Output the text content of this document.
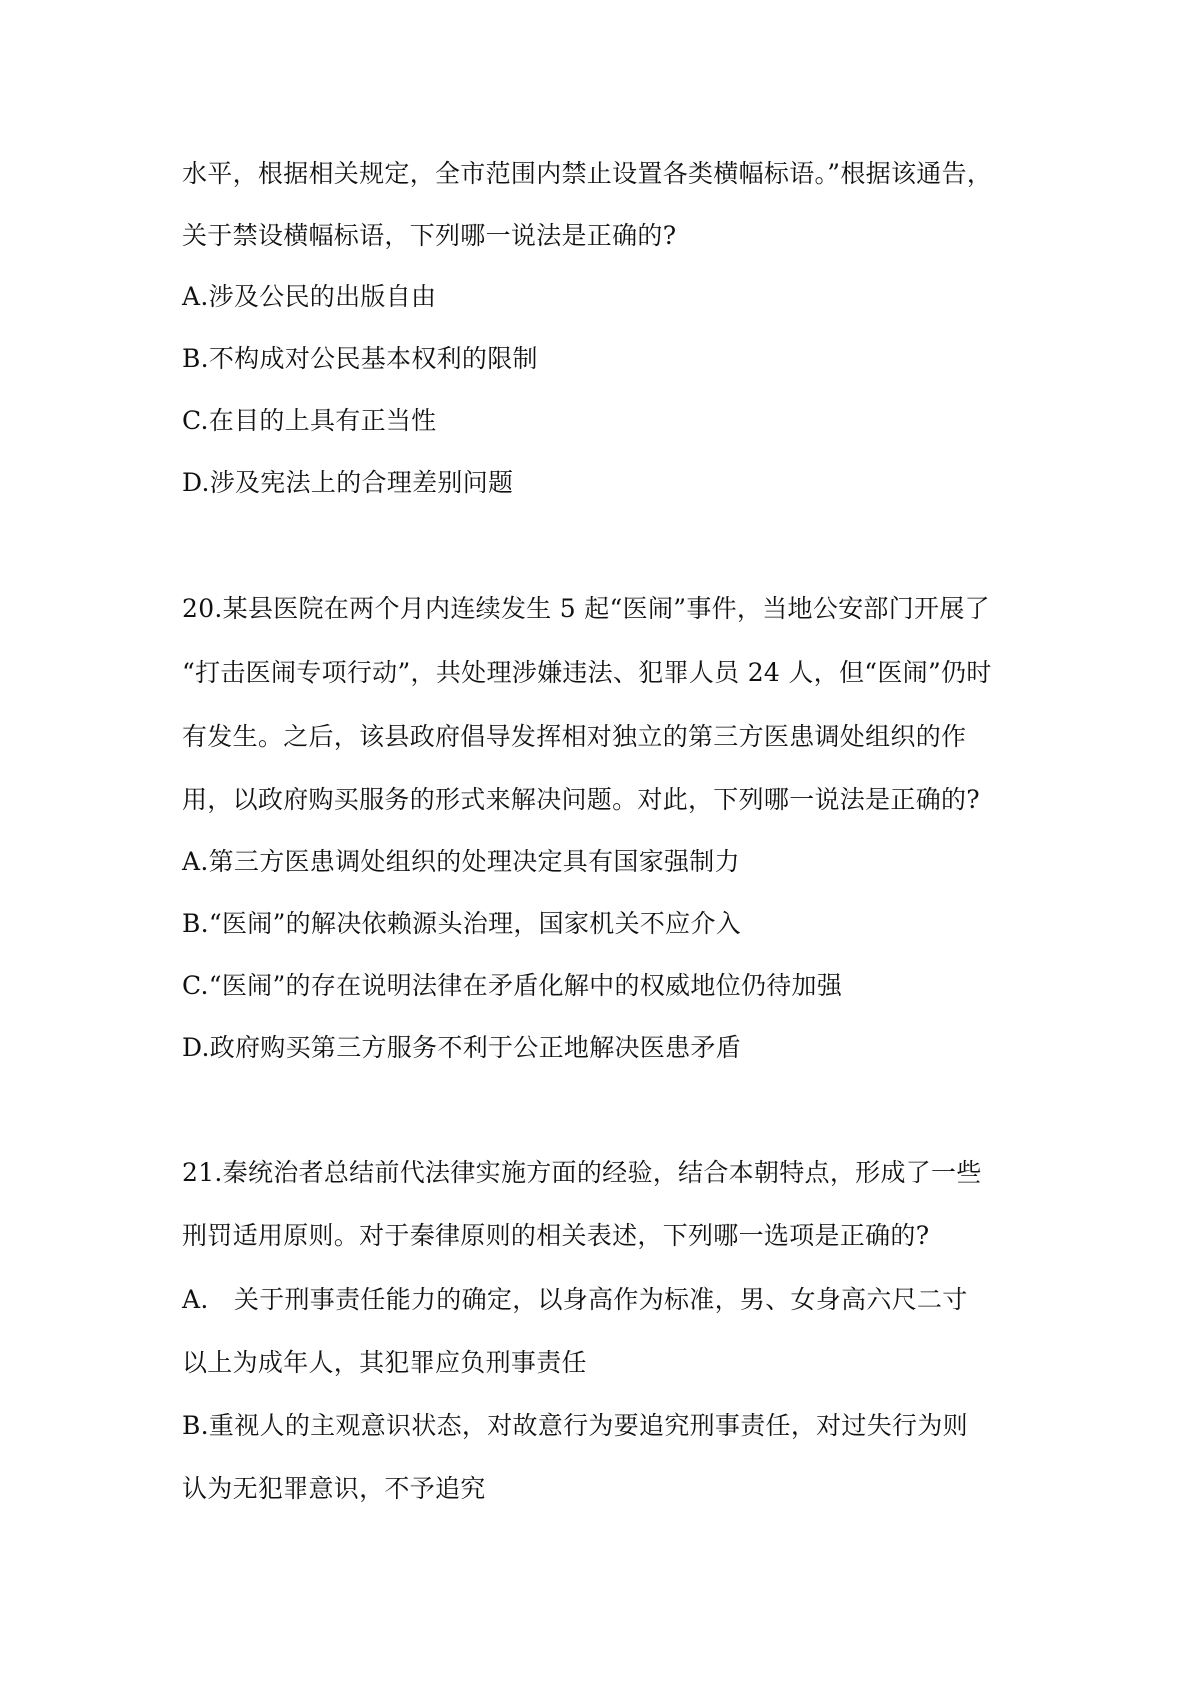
水平，根据相关规定，全市范围内禁止设置各类横幅标语。”根据该通告，
关于禁设横幅标语，下列哪一说法是正确的?
A.涉及公民的出版自由
B.不构成对公民基本权利的限制
C.在目的上具有正当性
D.涉及宪法上的合理差别问题
20.某县医院在两个月内连续发生 5 起“医闹”事件，当地公安部门开展了
“打击医闹专项行动”，共处理涉嫌违法、犯罪人员 24 人，但“医闹”仍时
有发生。之后，该县政府倡导发挥相对独立的第三方医患调处组织的作
用，以政府购买服务的形式来解决问题。对此，下列哪一说法是正确的?
A.第三方医患调处组织的处理决定具有国家强制力
B.“医闹”的解决依赖源头治理，国家机关不应介入
C.“医闹”的存在说明法律在矛盾化解中的权威地位仍待加强
D.政府购买第三方服务不利于公正地解决医患矛盾
21.秦统治者总结前代法律实施方面的经验，结合本朝特点，形成了一些
刑罚适用原则。对于秦律原则的相关表述，下列哪一选项是正确的?
A.　关于刑事责任能力的确定，以身高作为标准，男、女身高六尺二寸
以上为成年人，其犯罪应负刑事责任
B.重视人的主观意识状态，对故意行为要追究刑事责任，对过失行为则
认为无犯罪意识，不予追究
